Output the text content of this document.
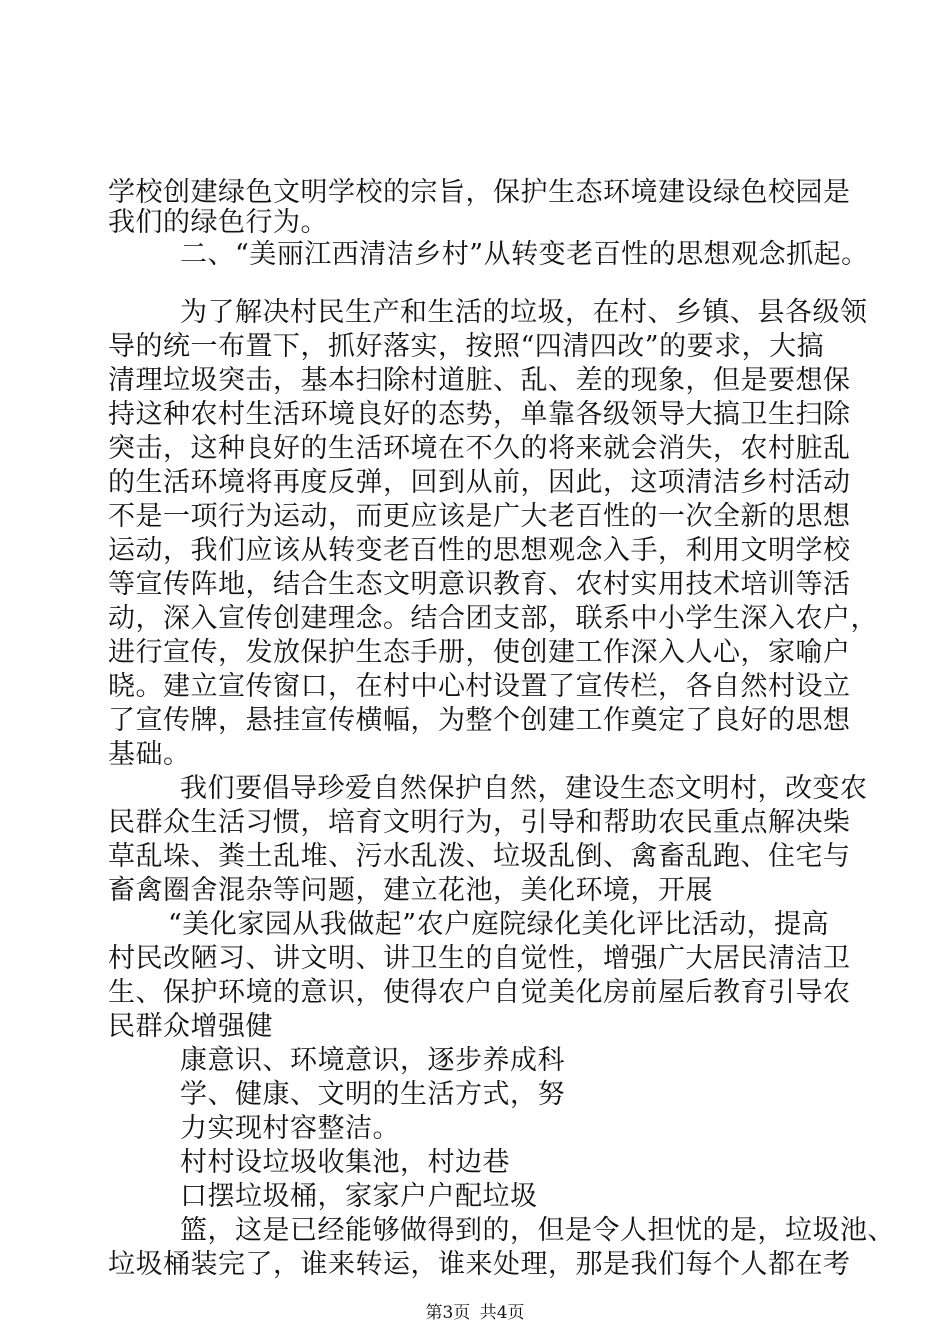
学校创建绿色文明学校的宗旨，保护生态环境建设绿色校园是
我们的绿色行为。
二、“美丽江西清洁乡村”从转变老百性的思想观念抓起。
为了解决村民生产和生活的垃圾，在村、乡镇、县各级领
导的统一布置下，抓好落实，按照“四清四改”的要求，大搞
清理垃圾突击，基本扫除村道脏、乱、差的现象，但是要想保
持这种农村生活环境良好的态势，单靠各级领导大搞卫生扫除
突击，这种良好的生活环境在不久的将来就会消失，农村脏乱
的生活环境将再度反弹，回到从前，因此，这项清洁乡村活动
不是一项行为运动，而更应该是广大老百性的一次全新的思想
运动，我们应该从转变老百性的思想观念入手，利用文明学校
等宣传阵地，结合生态文明意识教育、农村实用技术培训等活
动，深入宣传创建理念。结合团支部，联系中小学生深入农户，
进行宣传，发放保护生态手册，使创建工作深入人心，家喻户
晓。建立宣传窗口，在村中心村设置了宣传栏，各自然村设立
了宣传牌，悬挂宣传横幅，为整个创建工作奠定了良好的思想
基础。
我们要倡导珍爱自然保护自然，建设生态文明村，改变农
民群众生活习惯，培育文明行为，引导和帮助农民重点解决柴
草乱垛、粪土乱堆、污水乱泼、垃圾乱倒、禽畜乱跑、住宅与
畜禽圈舍混杂等问题，建立花池，美化环境，开展
“美化家园从我做起”农户庭院绿化美化评比活动，提高
村民改陋习、讲文明、讲卫生的自觉性，增强广大居民清洁卫
生、保护环境的意识，使得农户自觉美化房前屋后教育引导农
民群众增强健
康意识、环境意识，逐步养成科
学、健康、文明的生活方式，努
力实现村容整洁。
村村设垃圾收集池，村边巷
口摆垃圾桶，家家户户配垃圾
篮，这是已经能够做得到的，但是令人担忧的是，垃圾池、
垃圾桶装完了，谁来转运，谁来处理，那是我们每个人都在考
第3页 共4页
